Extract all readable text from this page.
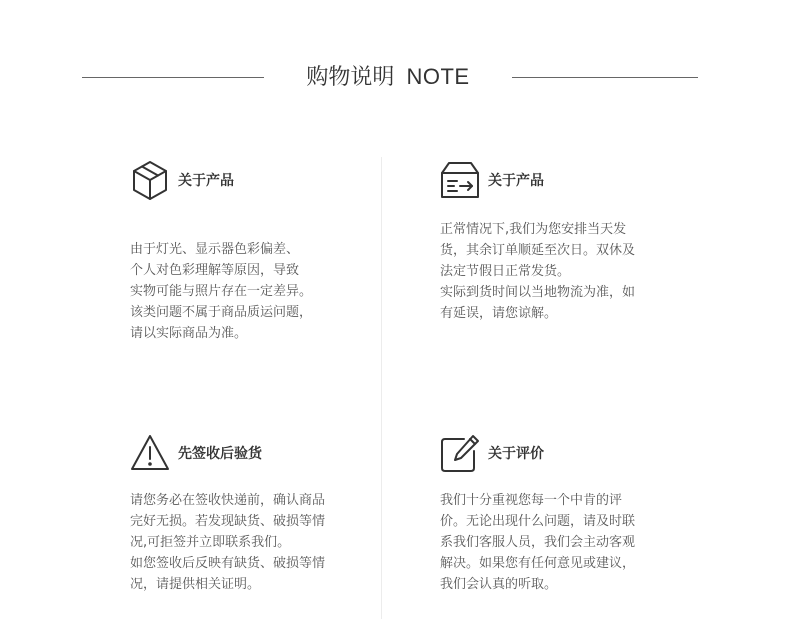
购物说明 NOTE
关于产品

由于灯光、显示器色彩偏差、

个人对色彩理解等原因，导致

实物可能与照片存在一定差异。

该类问题不属于商品质运问题，

请以实际商品为准。

关于产品

正常情况下,我们为您安排当天发

货，其余订单顺延至次日。双休及

法定节假日正常发货。

实际到货时间以当地物流为准，如

有延误，请您谅解。

先签收后验货

请您务必在签收快递前，确认商品

完好无损。若发现缺货、破损等情

况,可拒签并立即联系我们。

如您签收后反映有缺货、破损等情

况，请提供相关证明。

关于评价

我们十分重视您每一个中肯的评

价。无论出现什么问题，请及时联

系我们客服人员，我们会主动客观

解决。如果您有任何意见或建议，

我们会认真的听取。
